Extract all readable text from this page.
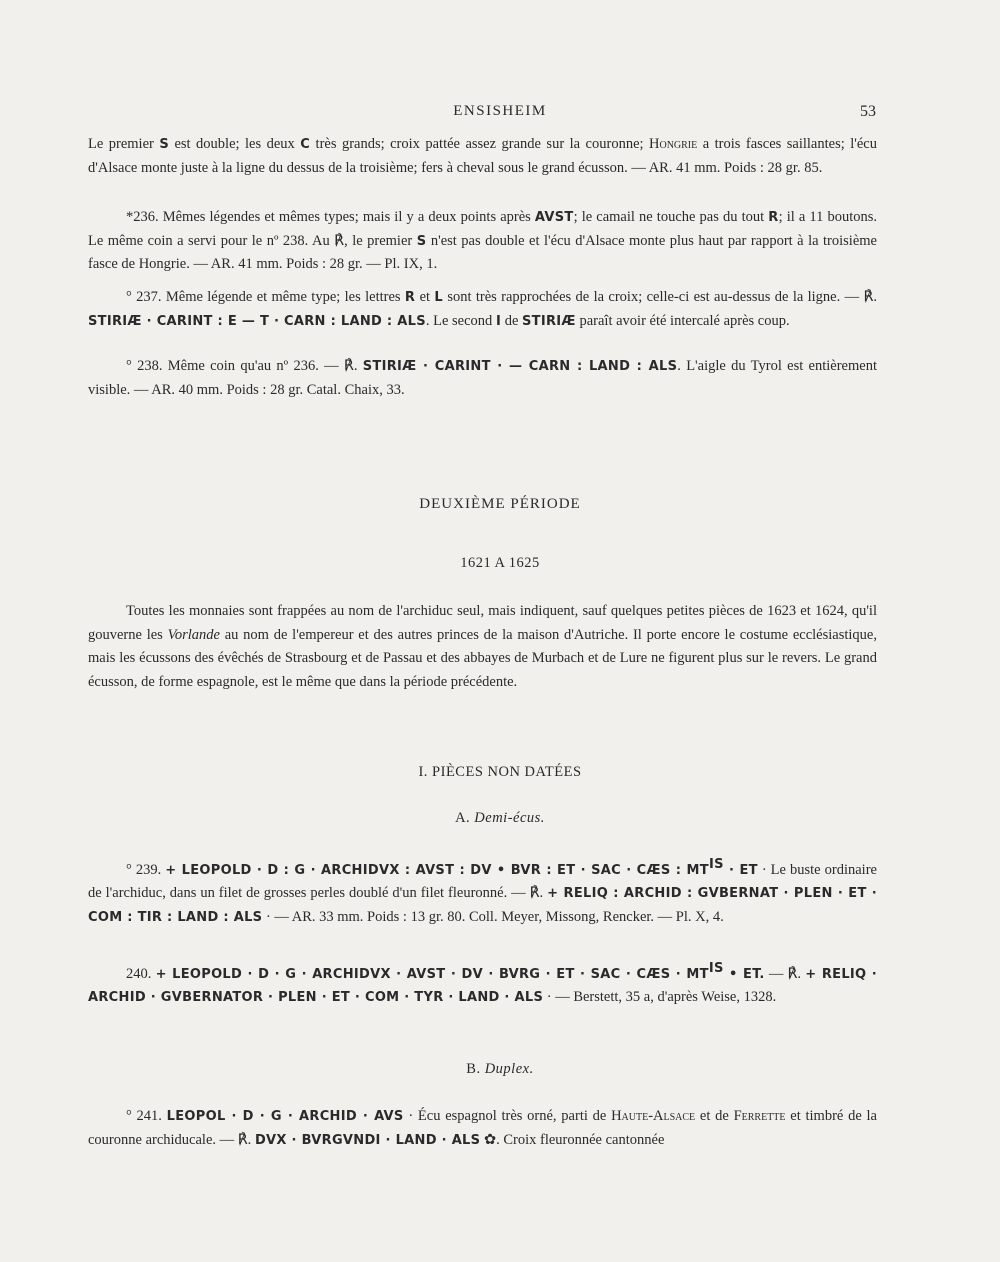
ENSISHEIM	53
Le premier S est double; les deux C très grands; croix pattée assez grande sur la couronne; Hongrie a trois fasces saillantes; l'écu d'Alsace monte juste à la ligne du dessus de la troisième; fers à cheval sous le grand écusson. — AR. 41 mm. Poids : 28 gr. 85.
*236. Mêmes légendes et mêmes types; mais il y a deux points après AVST; le camail ne touche pas du tout R; il a 11 boutons. Le même coin a servi pour le nº 238. Au ℟, le premier S n'est pas double et l'écu d'Alsace monte plus haut par rapport à la troisième fasce de Hongrie. — AR. 41 mm. Poids : 28 gr. — Pl. IX, 1.
° 237. Même légende et même type; les lettres R et L sont très rapprochées de la croix; celle-ci est au-dessus de la ligne. — ℟. STIRIÆ · CARINT : E — T · CARN : LAND : ALS. Le second I de STIRIÆ paraît avoir été intercalé après coup.
° 238. Même coin qu'au nº 236. — ℟. STIRIÆ · CARINT · — CARN : LAND : ALS. L'aigle du Tyrol est entièrement visible. — AR. 40 mm. Poids : 28 gr. Catal. Chaix, 33.
DEUXIÈME PÉRIODE
1621 A 1625
Toutes les monnaies sont frappées au nom de l'archiduc seul, mais indiquent, sauf quelques petites pièces de 1623 et 1624, qu'il gouverne les Vorlande au nom de l'empereur et des autres princes de la maison d'Autriche. Il porte encore le costume ecclésiastique, mais les écussons des évêchés de Strasbourg et de Passau et des abbayes de Murbach et de Lure ne figurent plus sur le revers. Le grand écusson, de forme espagnole, est le même que dans la période précédente.
I. PIÈCES NON DATÉES
A. Demi-écus.
° 239. + LEOPOLD · D : G · ARCHIDVX : AVST : DV • BVR : ET · SAC · CÆS : $MT^{IS}$ · ET · Le buste ordinaire de l'archiduc, dans un filet de grosses perles doublé d'un filet fleuronné. — ℟. + RELIQ : ARCHID : GVBERNAT · PLEN · ET · COM : TIR : LAND : ALS · — AR. 33 mm. Poids : 13 gr. 80. Coll. Meyer, Missong, Rencker. — Pl. X, 4.
240. + LEOPOLD · D · G · ARCHIDVX · AVST · DV · BVRG · ET · SAC · CÆS · $MT^{IS}$ • ET. — ℟. + RELIQ · ARCHID · GVBERNATOR · PLEN · ET · COM · TYR · LAND · ALS · — Berstett, 35 a, d'après Weise, 1328.
B. Duplex.
° 241. LEOPOL · D · G · ARCHID · AVS · Écu espagnol très orné, parti de Haute-Alsace et de Ferrette et timbré de la couronne archiducale. — ℟. DVX · BVRGVNDI · LAND · ALS ✿. Croix fleuronnée cantonnée
